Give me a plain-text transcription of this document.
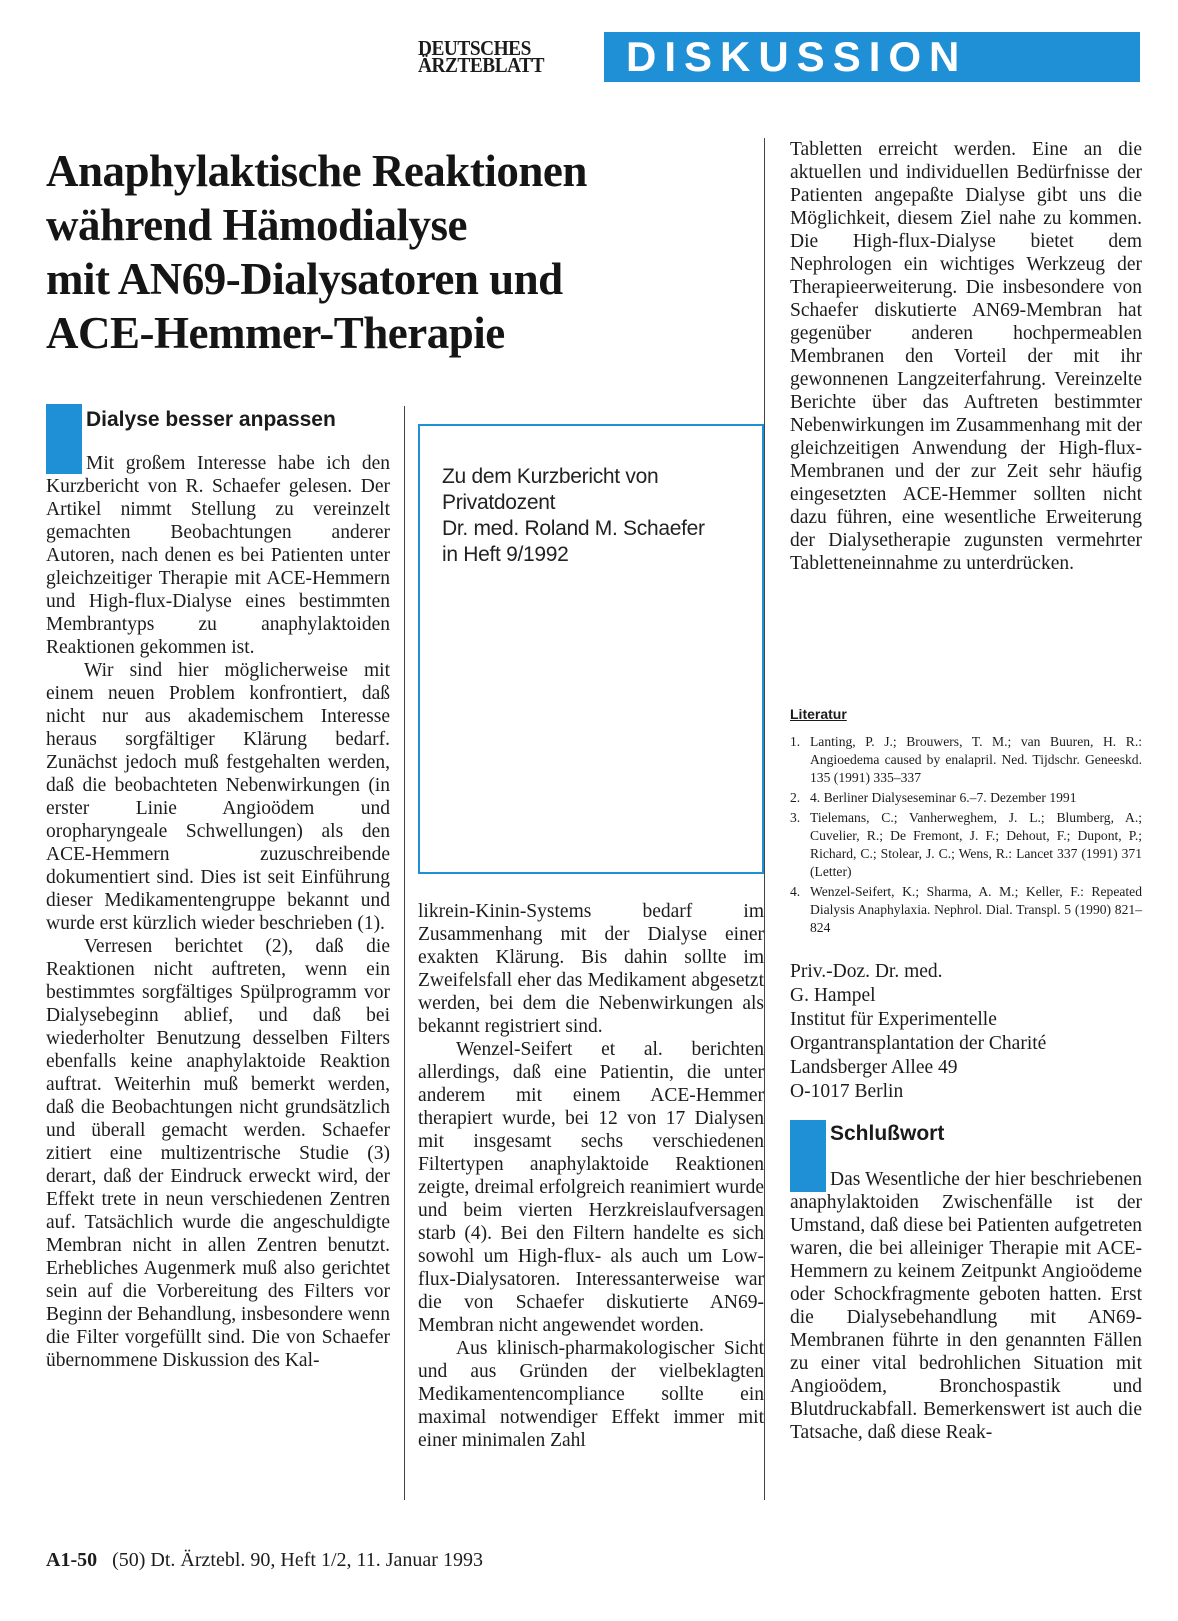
DEUTSCHES
ÄRZTEBLATT	DISKUSSION
Anaphylaktische Reaktionen
während Hämodialyse
mit AN69-Dialysatoren und
ACE-Hemmer-Therapie
Dialyse besser anpassen

Mit großem Interesse habe ich den Kurzbericht von R. Schaefer gelesen. Der Artikel nimmt Stellung zu vereinzelt gemachten Beobachtungen anderer Autoren, nach denen es bei Patienten unter gleichzeitiger Therapie mit ACE-Hemmern und High-flux-Dialyse eines bestimmten Membrantyps zu anaphylaktoiden Reaktionen gekommen ist.

Wir sind hier möglicherweise mit einem neuen Problem konfrontiert, daß nicht nur aus akademischem Interesse heraus sorgfältiger Klärung bedarf. Zunächst jedoch muß festgehalten werden, daß die beobachteten Nebenwirkungen (in erster Linie Angioödem und oropharyngeale Schwellungen) als den ACE-Hemmern zuzuschreibende dokumentiert sind. Dies ist seit Einführung dieser Medikamentengruppe bekannt und wurde erst kürzlich wieder beschrieben (1).

Verresen berichtet (2), daß die Reaktionen nicht auftreten, wenn ein bestimmtes sorgfältiges Spülprogramm vor Dialysebeginn ablief, und daß bei wiederholter Benutzung desselben Filters ebenfalls keine anaphylaktoide Reaktion auftrat. Weiterhin muß bemerkt werden, daß die Beobachtungen nicht grundsätzlich und überall gemacht werden. Schaefer zitiert eine multizentrische Studie (3) derart, daß der Eindruck erweckt wird, der Effekt trete in neun verschiedenen Zentren auf. Tatsächlich wurde die angeschuldigte Membran nicht in allen Zentren benutzt. Erhebliches Augenmerk muß also gerichtet sein auf die Vorbereitung des Filters vor Beginn der Behandlung, insbesondere wenn die Filter vorgefüllt sind. Die von Schaefer übernommene Diskussion des Kal-

Zu dem Kurzbericht von
Privatdozent
Dr. med. Roland M. Schaefer
in Heft 9/1992

likrein-Kinin-Systems bedarf im Zusammenhang mit der Dialyse einer exakten Klärung. Bis dahin sollte im Zweifelsfall eher das Medikament abgesetzt werden, bei dem die Nebenwirkungen als bekannt registriert sind.

Wenzel-Seifert et al. berichten allerdings, daß eine Patientin, die unter anderem mit einem ACE-Hemmer therapiert wurde, bei 12 von 17 Dialysen mit insgesamt sechs verschiedenen Filtertypen anaphylaktoide Reaktionen zeigte, dreimal erfolgreich reanimiert wurde und beim vierten Herzkreislaufversagen starb (4). Bei den Filtern handelte es sich sowohl um High-flux- als auch um Low-flux-Dialysatoren. Interessanterweise war die von Schaefer diskutierte AN69-Membran nicht angewendet worden.

Aus klinisch-pharmakologischer Sicht und aus Gründen der vielbeklagten Medikamentencompliance sollte ein maximal notwendiger Effekt immer mit einer minimalen Zahl

Tabletten erreicht werden. Eine an die aktuellen und individuellen Bedürfnisse der Patienten angepaßte Dialyse gibt uns die Möglichkeit, diesem Ziel nahe zu kommen. Die High-flux-Dialyse bietet dem Nephrologen ein wichtiges Werkzeug der Therapieerweiterung. Die insbesondere von Schaefer diskutierte AN69-Membran hat gegenüber anderen hochpermeablen Membranen den Vorteil der mit ihr gewonnenen Langzeiterfahrung. Vereinzelte Berichte über das Auftreten bestimmter Nebenwirkungen im Zusammenhang mit der gleichzeitigen Anwendung der High-flux-Membranen und der zur Zeit sehr häufig eingesetzten ACE-Hemmer sollten nicht dazu führen, eine wesentliche Erweiterung der Dialysetherapie zugunsten vermehrter Tabletteneinnahme zu unterdrücken.

Literatur
1. Lanting, P. J.; Brouwers, T. M.; van Buuren, H. R.: Angioedema caused by enalapril. Ned. Tijdschr. Geneeskd. 135 (1991) 335–337
2. 4. Berliner Dialyseseminar 6.–7. Dezember 1991
3. Tielemans, C.; Vanherweghem, J. L.; Blumberg, A.; Cuvelier, R.; De Fremont, J. F.; Dehout, F.; Dupont, P.; Richard, C.; Stolear, J. C.; Wens, R.: Lancet 337 (1991) 371 (Letter)
4. Wenzel-Seifert, K.; Sharma, A. M.; Keller, F.: Repeated Dialysis Anaphylaxia. Nephrol. Dial. Transpl. 5 (1990) 821–824
Priv.-Doz. Dr. med.
G. Hampel
Institut für Experimentelle
Organtransplantation der Charité
Landsberger Allee 49
O-1017 Berlin
Schlußwort

Das Wesentliche der hier beschriebenen anaphylaktoiden Zwischenfälle ist der Umstand, daß diese bei Patienten aufgetreten waren, die bei alleiniger Therapie mit ACE-Hemmern zu keinem Zeitpunkt Angioödeme oder Schockfragmente geboten hatten. Erst die Dialysebehandlung mit AN69-Membranen führte in den genannten Fällen zu einer vital bedrohlichen Situation mit Angioödem, Bronchospastik und Blutdruckabfall. Bemerkenswert ist auch die Tatsache, daß diese Reak-

A1-50 (50) Dt. Ärztebl. 90, Heft 1/2, 11. Januar 1993
